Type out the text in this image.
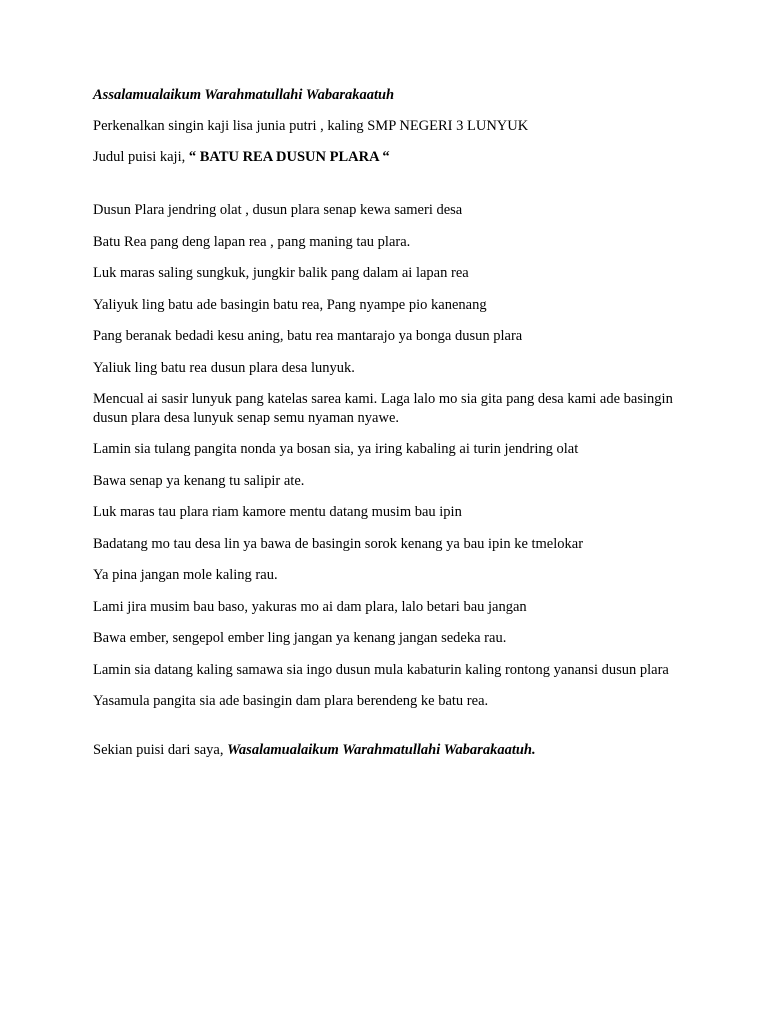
Assalamualaikum Warahmatullahi Wabarakaatuh

Perkenalkan singin kaji lisa junia putri , kaling SMP NEGERI 3 LUNYUK

Judul puisi kaji, “ BATU REA DUSUN PLARA “

Dusun Plara jendring olat , dusun plara senap kewa sameri desa

Batu Rea pang deng lapan rea , pang maning tau plara.

Luk maras saling sungkuk, jungkir balik pang dalam ai lapan rea

Yaliyuk ling batu ade basingin batu rea, Pang nyampe pio kanenang

Pang beranak bedadi kesu aning, batu rea mantarajo ya bonga dusun plara

Yaliuk ling batu rea dusun plara desa lunyuk.

Mencual ai sasir lunyuk pang katelas sarea kami. Laga lalo mo sia gita pang desa kami ade basingin dusun plara desa lunyuk senap semu nyaman nyawe.

Lamin sia tulang pangita nonda ya bosan sia, ya iring kabaling ai turin jendring olat

Bawa senap ya kenang tu salipir ate.

Luk maras tau plara riam kamore mentu datang musim bau ipin

Badatang mo tau desa lin ya bawa de basingin sorok kenang ya bau ipin ke tmelokar

Ya pina jangan mole kaling rau.

Lami jira musim bau baso, yakuras mo ai dam plara, lalo betari bau jangan

Bawa ember, sengepol ember ling jangan ya kenang jangan sedeka rau.

Lamin sia datang kaling samawa sia ingo dusun mula kabaturin kaling rontong yanansi dusun plara

Yasamula pangita sia ade basingin dam plara berendeng ke batu rea.

Sekian puisi dari saya, Wasalamualaikum Warahmatullahi Wabarakaatuh.
